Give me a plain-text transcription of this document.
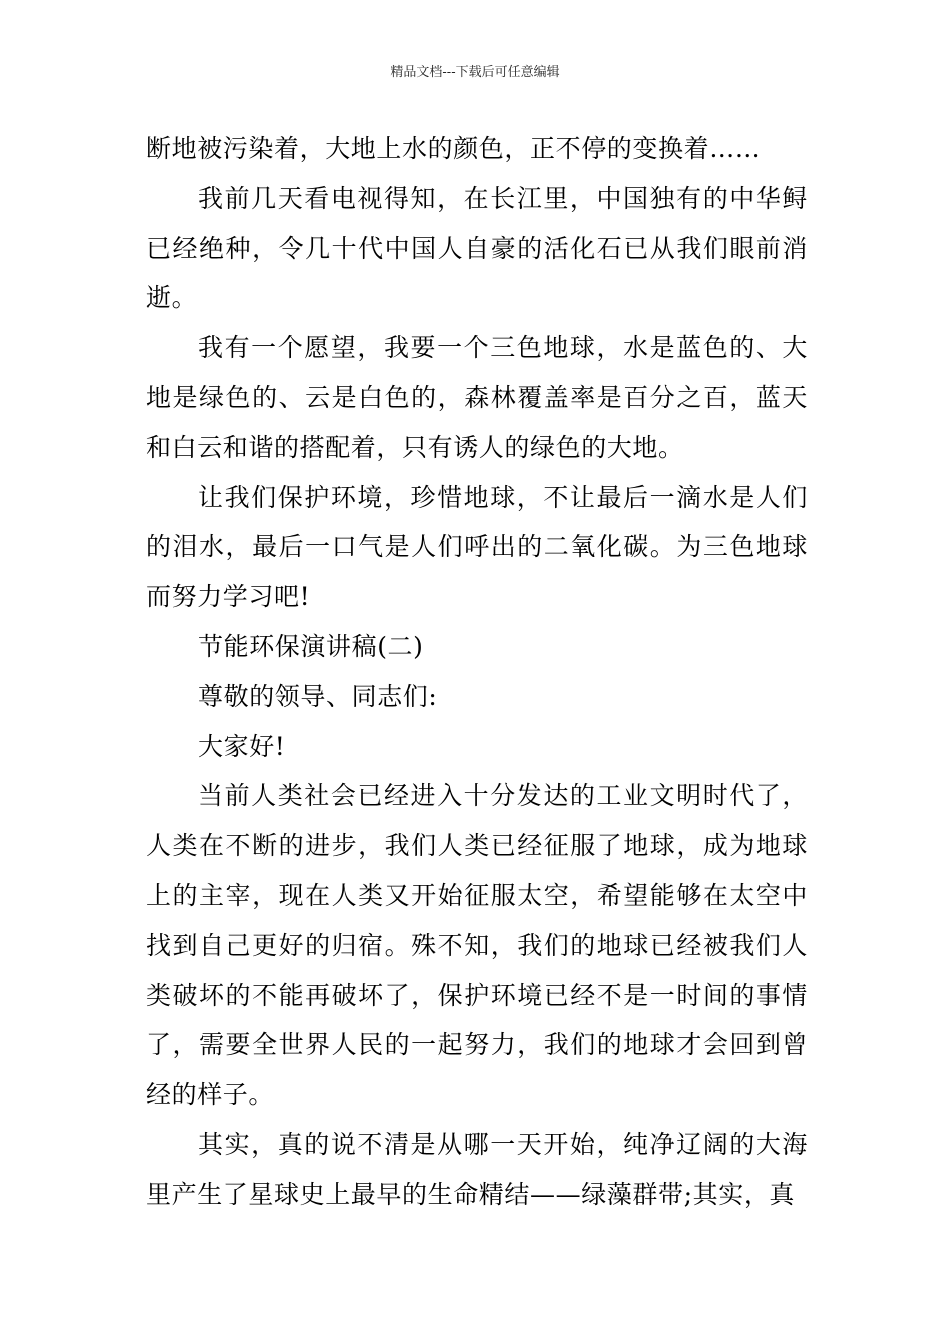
精品文档---下载后可任意编辑

断地被污染着，大地上水的颜色，正不停的变换着……

我前几天看电视得知，在长江里，中国独有的中华鲟已经绝种，令几十代中国人自豪的活化石已从我们眼前消逝。

我有一个愿望，我要一个三色地球，水是蓝色的、大地是绿色的、云是白色的，森林覆盖率是百分之百，蓝天和白云和谐的搭配着，只有诱人的绿色的大地。

让我们保护环境，珍惜地球，不让最后一滴水是人们的泪水，最后一口气是人们呼出的二氧化碳。为三色地球而努力学习吧!

节能环保演讲稿(二)

尊敬的领导、同志们:

大家好!

当前人类社会已经进入十分发达的工业文明时代了，人类在不断的进步，我们人类已经征服了地球，成为地球上的主宰，现在人类又开始征服太空，希望能够在太空中找到自己更好的归宿。殊不知，我们的地球已经被我们人类破坏的不能再破坏了，保护环境已经不是一时间的事情了，需要全世界人民的一起努力，我们的地球才会回到曾经的样子。

其实，真的说不清是从哪一天开始，纯净辽阔的大海里产生了星球史上最早的生命精结——绿藻群带;其实，真
